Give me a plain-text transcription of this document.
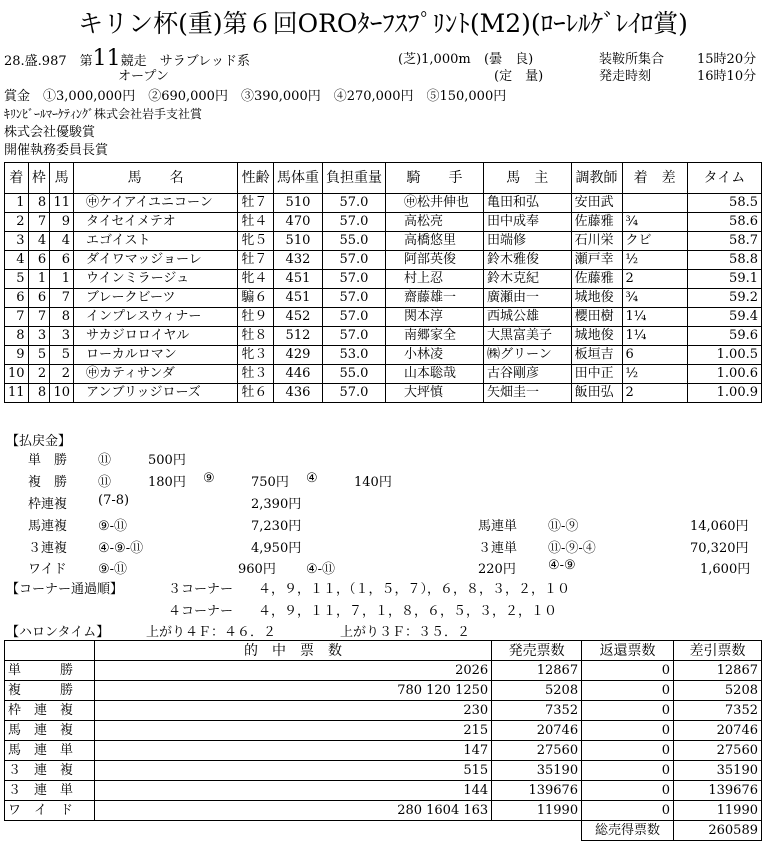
キリン杯(重)第６回OROﾀｰﾌｽﾌﾟﾘﾝﾄ(M2)(ﾛｰﾚﾙｹﾞﾚｲﾛ賞)
28.盛.987　 第11競走　 サラブレッド系
オープン
(芝)1,000m (曇　良)
(定　量)
装鞍所集合	15時20分
発走時刻	16時10分
賞金　 ①3,000,000円　②690,000円　③390,000円　④270,000円　⑤150,000円
ｷﾘﾝﾋﾞｰﾙﾏｰｹﾃｨﾝｸﾞ株式会社岩手支社賞
株式会社優駿賞
開催執務委員長賞
着	枠	馬	馬　　名	性齢	馬体重	負担重量	騎　　手	馬　主	調教師	着　差	タイム
1	8	11	㊥ケイアイユニコーン	牡７	510	57.0	㊥松井伸也	亀田和弘	安田武		58.5
2	7	9	タイセイメテオ	牡４	470	57.0	高松亮	田中成奉	佐藤雅	¾	58.6
3	4	4	エゴイスト	牝５	510	55.0	高橋悠里	田端修	石川栄	クビ	58.7
4	6	6	ダイワマッジョーレ	牡７	432	57.0	阿部英俊	鈴木雅俊	瀬戸幸	½	58.8
5	1	1	ウインミラージュ	牝４	451	57.0	村上忍	鈴木克紀	佐藤雅	2	59.1
6	6	7	ブレークビーツ	騸６	451	57.0	齋藤雄一	廣瀬由一	城地俊	¾	59.2
7	7	8	インプレスウィナー	牡９	452	57.0	関本淳	西城公雄	櫻田樹	1¼	59.4
8	3	3	サカジロロイヤル	牡８	512	57.0	南郷家全	大黒富美子	城地俊	1¼	59.6
9	5	5	ローカルロマン	牝３	429	53.0	小林凌	㈱グリーン	板垣吉	6	1.00.5
10	2	2	㊥カティサンダ	牡３	446	55.0	山本聡哉	古谷剛彦	田中正	½	1.00.6
11	8	10	アンブリッジローズ	牡６	436	57.0	大坪慎	矢畑圭一	飯田弘	2	1.00.9
【払戻金】
単　勝 ⑪	500円
複　勝 ⑪	180円 ⑨	750円 ④	140円
枠連複 (7-8)	2,390円
馬連複 ⑨-⑪	7,230円	馬連単 ⑪-⑨	14,060円
３連複 ④-⑨-⑪	4,950円	３連単 ⑪-⑨-④	70,320円
ワイド ⑨-⑪	960円 ④-⑪	220円 ④-⑨	1,600円
【コーナー通過順】	３コーナー ４，９，１１，（１，５，７），６，８，３，２，１０
４コーナー ４，９，１１，７，１，８，６，５，３，２，１０
【ハロンタイム】	上がり４Ｆ：４６．２	上がり３Ｆ：３５．２
	的　中　票　数	発売票数	返還票数	差引票数
単　　　勝	2026	12867	0	12867
複　　　勝	780 120 1250	5208	0	5208
枠　連　複	230	7352	0	7352
馬　連　複	215	20746	0	20746
馬　連　単	147	27560	0	27560
３　連　複	515	35190	0	35190
３　連　単	144	139676	0	139676
ワ　イ　ド	280 1604 163	11990	0	11990
			総売得票数	260589
